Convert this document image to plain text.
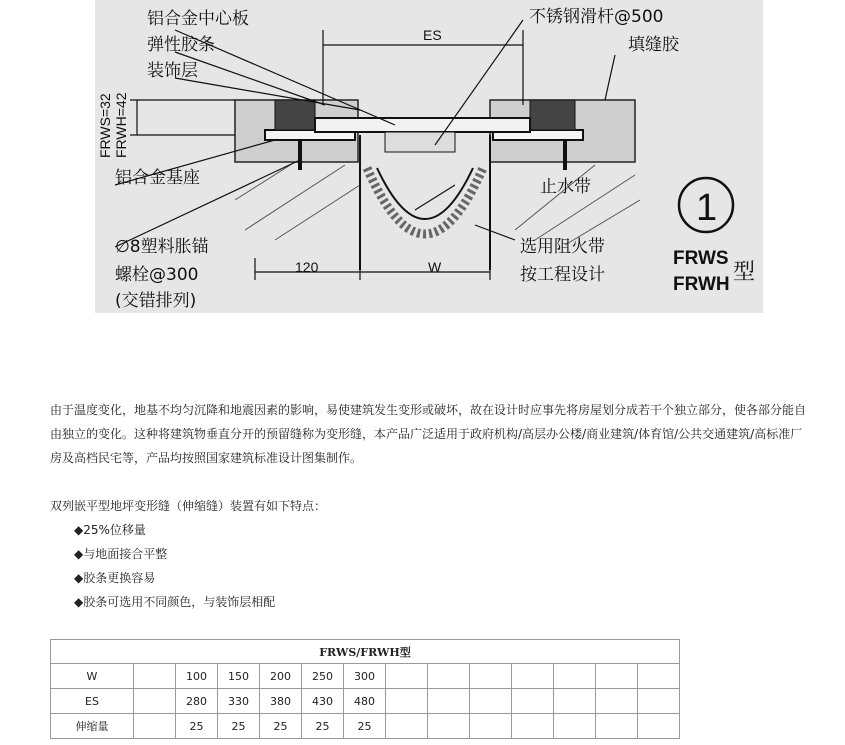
铝合金中心板
弹性胶条
装饰层
不锈钢滑杆@500
填缝胶
ES
FRWS=32 FRWH=42
铝合金基座	止水带
∅8塑料胀锚
螺栓@300
(交错排列)
选用阻火带
按工程设计
120	W
1
FRWS
FRWH 型
由于温度变化，地基不均匀沉降和地震因素的影响，易使建筑发生变形或破坏，故在设计时应事先将房屋划分成若干个独立部分，使各部分能自由独立的变化。这种将建筑物垂直分开的预留缝称为变形缝，本产品广泛适用于政府机构/高层办公楼/商业建筑/体育馆/公共交通建筑/高标准厂房及高档民宅等，产品均按照国家建筑标准设计图集制作。
双列嵌平型地坪变形缝（伸缩缝）装置有如下特点：
◆ 25%位移量
◆ 与地面接合平整
◆ 胶条更换容易
◆ 胶条可选用不同颜色，与装饰层相配
FRWS/FRWH型													
W		100	150	200	250	300							
ES		280	330	380	430	480							
伸缩量		25	25	25	25	25							
